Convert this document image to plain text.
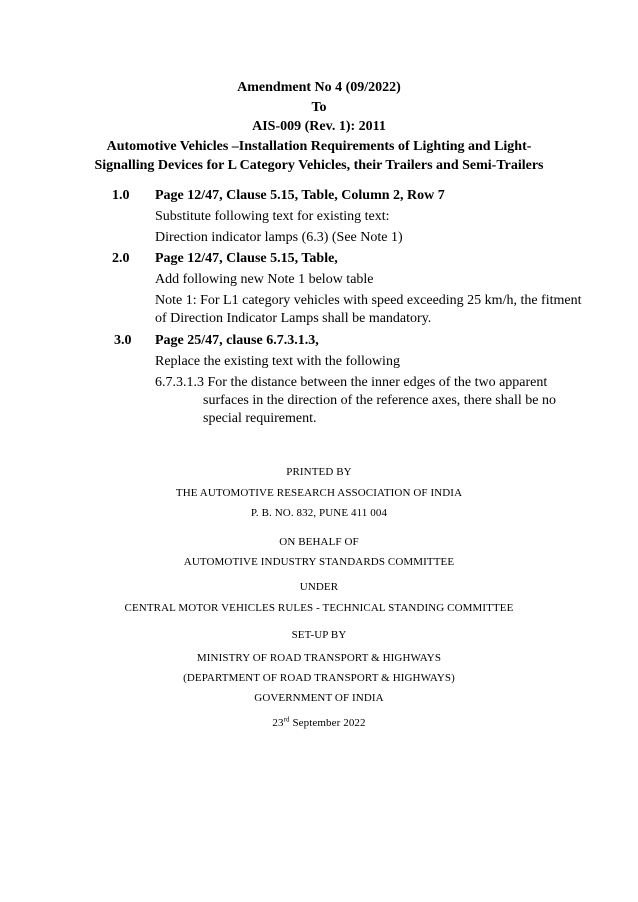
Amendment No 4 (09/2022)
To
AIS-009 (Rev. 1): 2011
Automotive Vehicles –Installation Requirements of Lighting and Light-
Signalling Devices for L Category Vehicles, their Trailers and Semi-Trailers
1.0 Page 12/47, Clause 5.15, Table, Column 2, Row 7
Substitute following text for existing text:
Direction indicator lamps (6.3) (See Note 1)
2.0 Page 12/47, Clause 5.15, Table,
Add following new Note 1 below table
Note 1: For L1 category vehicles with speed exceeding 25 km/h, the fitment
of Direction Indicator Lamps shall be mandatory.
3.0 Page 25/47, clause 6.7.3.1.3,
Replace the existing text with the following
6.7.3.1.3 For the distance between the inner edges of the two apparent
surfaces in the direction of the reference axes, there shall be no
special requirement.
PRINTED BY
THE AUTOMOTIVE RESEARCH ASSOCIATION OF INDIA
P. B. NO. 832, PUNE 411 004
ON BEHALF OF
AUTOMOTIVE INDUSTRY STANDARDS COMMITTEE
UNDER
CENTRAL MOTOR VEHICLES RULES - TECHNICAL STANDING COMMITTEE
SET-UP BY
MINISTRY OF ROAD TRANSPORT & HIGHWAYS
(DEPARTMENT OF ROAD TRANSPORT & HIGHWAYS)
GOVERNMENT OF INDIA
23rd September 2022
